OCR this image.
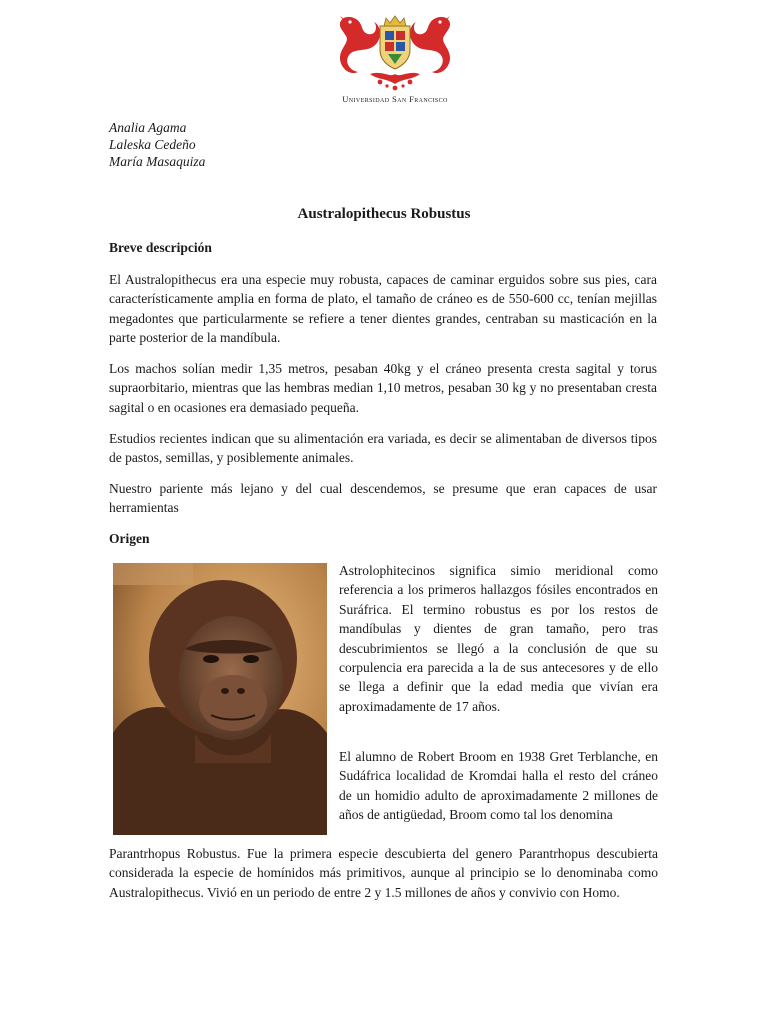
Universidad San Francisco
Analia Agama
Laleska Cedeño
María Masaquiza
Australopithecus Robustus
Breve descripción

El Australopithecus era una especie muy robusta, capaces de caminar erguidos sobre sus pies, cara característicamente amplia en forma de plato, el tamaño de cráneo es de 550-600 cc, tenían mejillas megadontes que particularmente se refiere a tener dientes grandes, centraban su masticación en la parte posterior de la mandíbula.

Los machos solían medir 1,35 metros, pesaban 40kg y el cráneo presenta cresta sagital y torus supraorbitario, mientras que las hembras median 1,10 metros, pesaban 30 kg y no presentaban cresta sagital o en ocasiones era demasiado pequeña.

Estudios recientes indican que su alimentación era variada, es decir se alimentaban de diversos tipos de pastos, semillas, y posiblemente animales.

Nuestro pariente más lejano y del cual descendemos, se presume que eran capaces de usar herramientas

Origen

Astrolophitecinos significa simio meridional como referencia a los primeros hallazgos fósiles encontrados en Suráfrica. El termino robustus es por los restos de mandíbulas y dientes de gran tamaño, pero tras descubrimientos se llegó a la conclusión de que su corpulencia era parecida a la de sus antecesores y de ello se llega a definir que la edad media que vivían era aproximadamente de 17 años.

El alumno de Robert Broom en 1938 Gret Terblanche, en Sudáfrica localidad de Kromdai halla el resto del cráneo de un homidio adulto de aproximadamente 2 millones de años de antigüedad, Broom como tal los denomina

Parantrhopus Robustus. Fue la primera especie descubierta del genero Parantrhopus descubierta considerada la especie de homínidos más primitivos, aunque al principio se lo denominaba como Australopithecus. Vivió en un periodo de entre 2 y 1.5 millones de años y convivio con Homo.
